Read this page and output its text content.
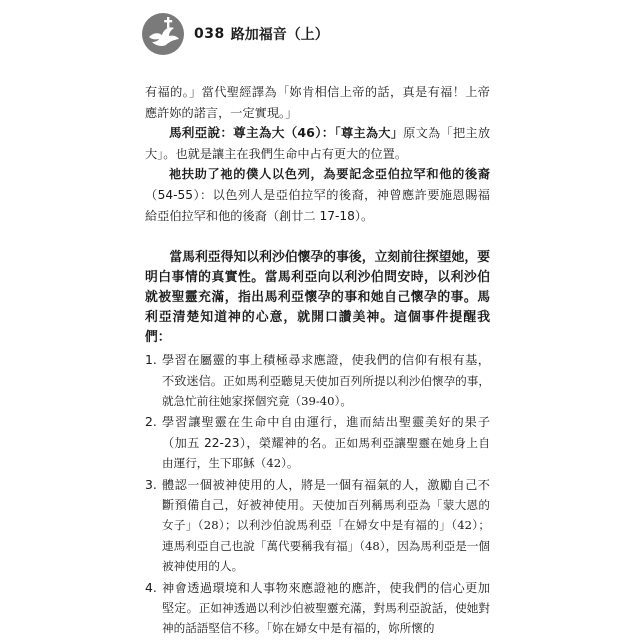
038 路加福音（上）

有福的。」當代聖經譯為「妳肯相信上帝的話，真是有福！上帝應許妳的諾言，一定實現。」

馬利亞說：尊主為大（46）：「尊主為大」原文為「把主放大」。也就是讓主在我們生命中占有更大的位置。

祂扶助了祂的僕人以色列，為要記念亞伯拉罕和他的後裔（54-55）：以色列人是亞伯拉罕的後裔，神曾應許要施恩賜福給亞伯拉罕和他的後裔（創廿二 17-18）。

當馬利亞得知以利沙伯懷孕的事後，立刻前往探望她，要明白事情的真實性。當馬利亞向以利沙伯問安時，以利沙伯就被聖靈充滿，指出馬利亞懷孕的事和她自己懷孕的事。馬利亞清楚知道神的心意，就開口讚美神。這個事件提醒我們：

1. 學習在屬靈的事上積極尋求應證，使我們的信仰有根有基，不致迷信。正如馬利亞聽見天使加百列所提以利沙伯懷孕的事，就急忙前往她家探個究竟（39-40）。
2. 學習讓聖靈在生命中自由運行，進而結出聖靈美好的果子（加五 22-23），榮耀神的名。正如馬利亞讓聖靈在她身上自由運行，生下耶穌（42）。
3. 體認一個被神使用的人，將是一個有福氣的人，激勵自己不斷預備自己，好被神使用。天使加百列稱馬利亞為「蒙大恩的女子」（28）；以利沙伯說馬利亞「在婦女中是有福的」（42）；連馬利亞自己也說「萬代要稱我有福」（48），因為馬利亞是一個被神使用的人。
4. 神會透過環境和人事物來應證祂的應許，使我們的信心更加堅定。正如神透過以利沙伯被聖靈充滿，對馬利亞說話，使她對神的話語堅信不移。「妳在婦女中是有福的，妳所懷的
